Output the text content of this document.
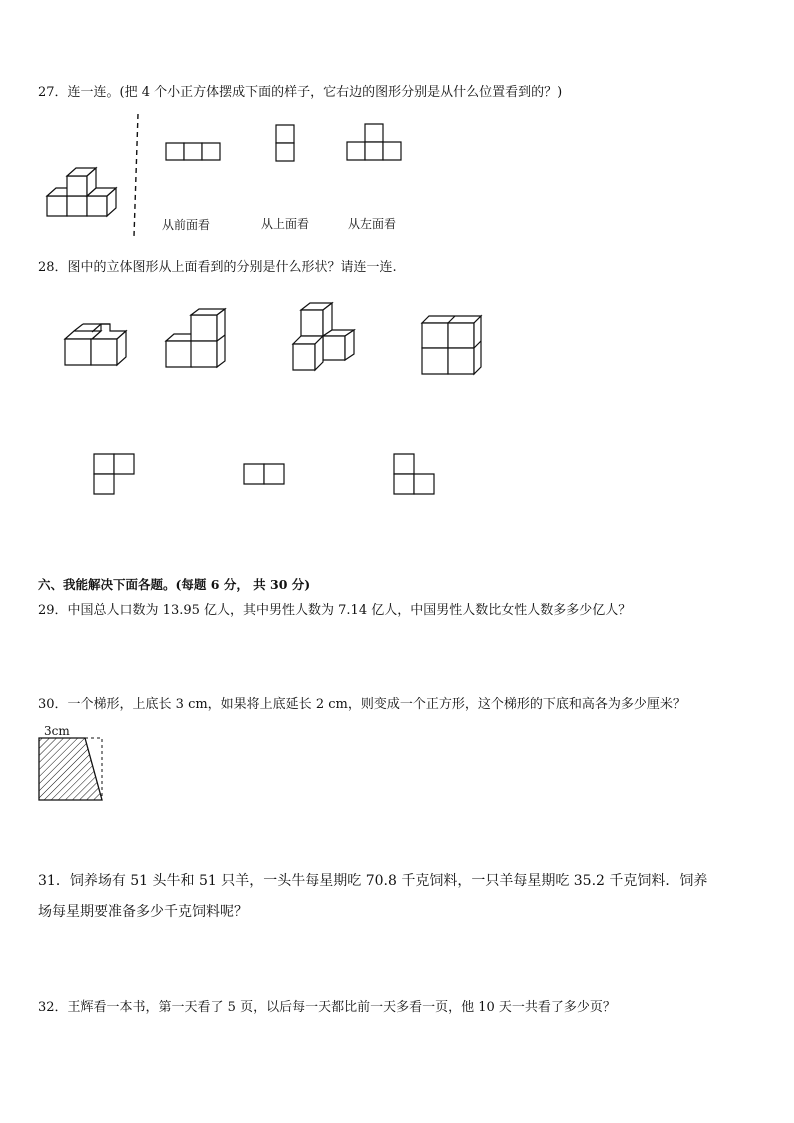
27．连一连。(把 4 个小正方体摆成下面的样子，它右边的图形分别是从什么位置看到的？)
从前面看	从上面看	从左面看
28．图中的立体图形从上面看到的分别是什么形状？请连一连.
六、我能解决下面各题。(每题 6 分， 共 30 分)
29．中国总人口数为 13.95 亿人，其中男性人数为 7.14 亿人，中国男性人数比女性人数多多少亿人？
30．一个梯形，上底长 3 cm，如果将上底延长 2 cm，则变成一个正方形，这个梯形的下底和高各为多少厘米？
3cm
31．饲养场有 51 头牛和 51 只羊，一头牛每星期吃 70.8 千克饲料，一只羊每星期吃 35.2 千克饲料．饲养
场每星期要准备多少千克饲料呢？
32．王辉看一本书，第一天看了 5 页，以后每一天都比前一天多看一页，他 10 天一共看了多少页？
